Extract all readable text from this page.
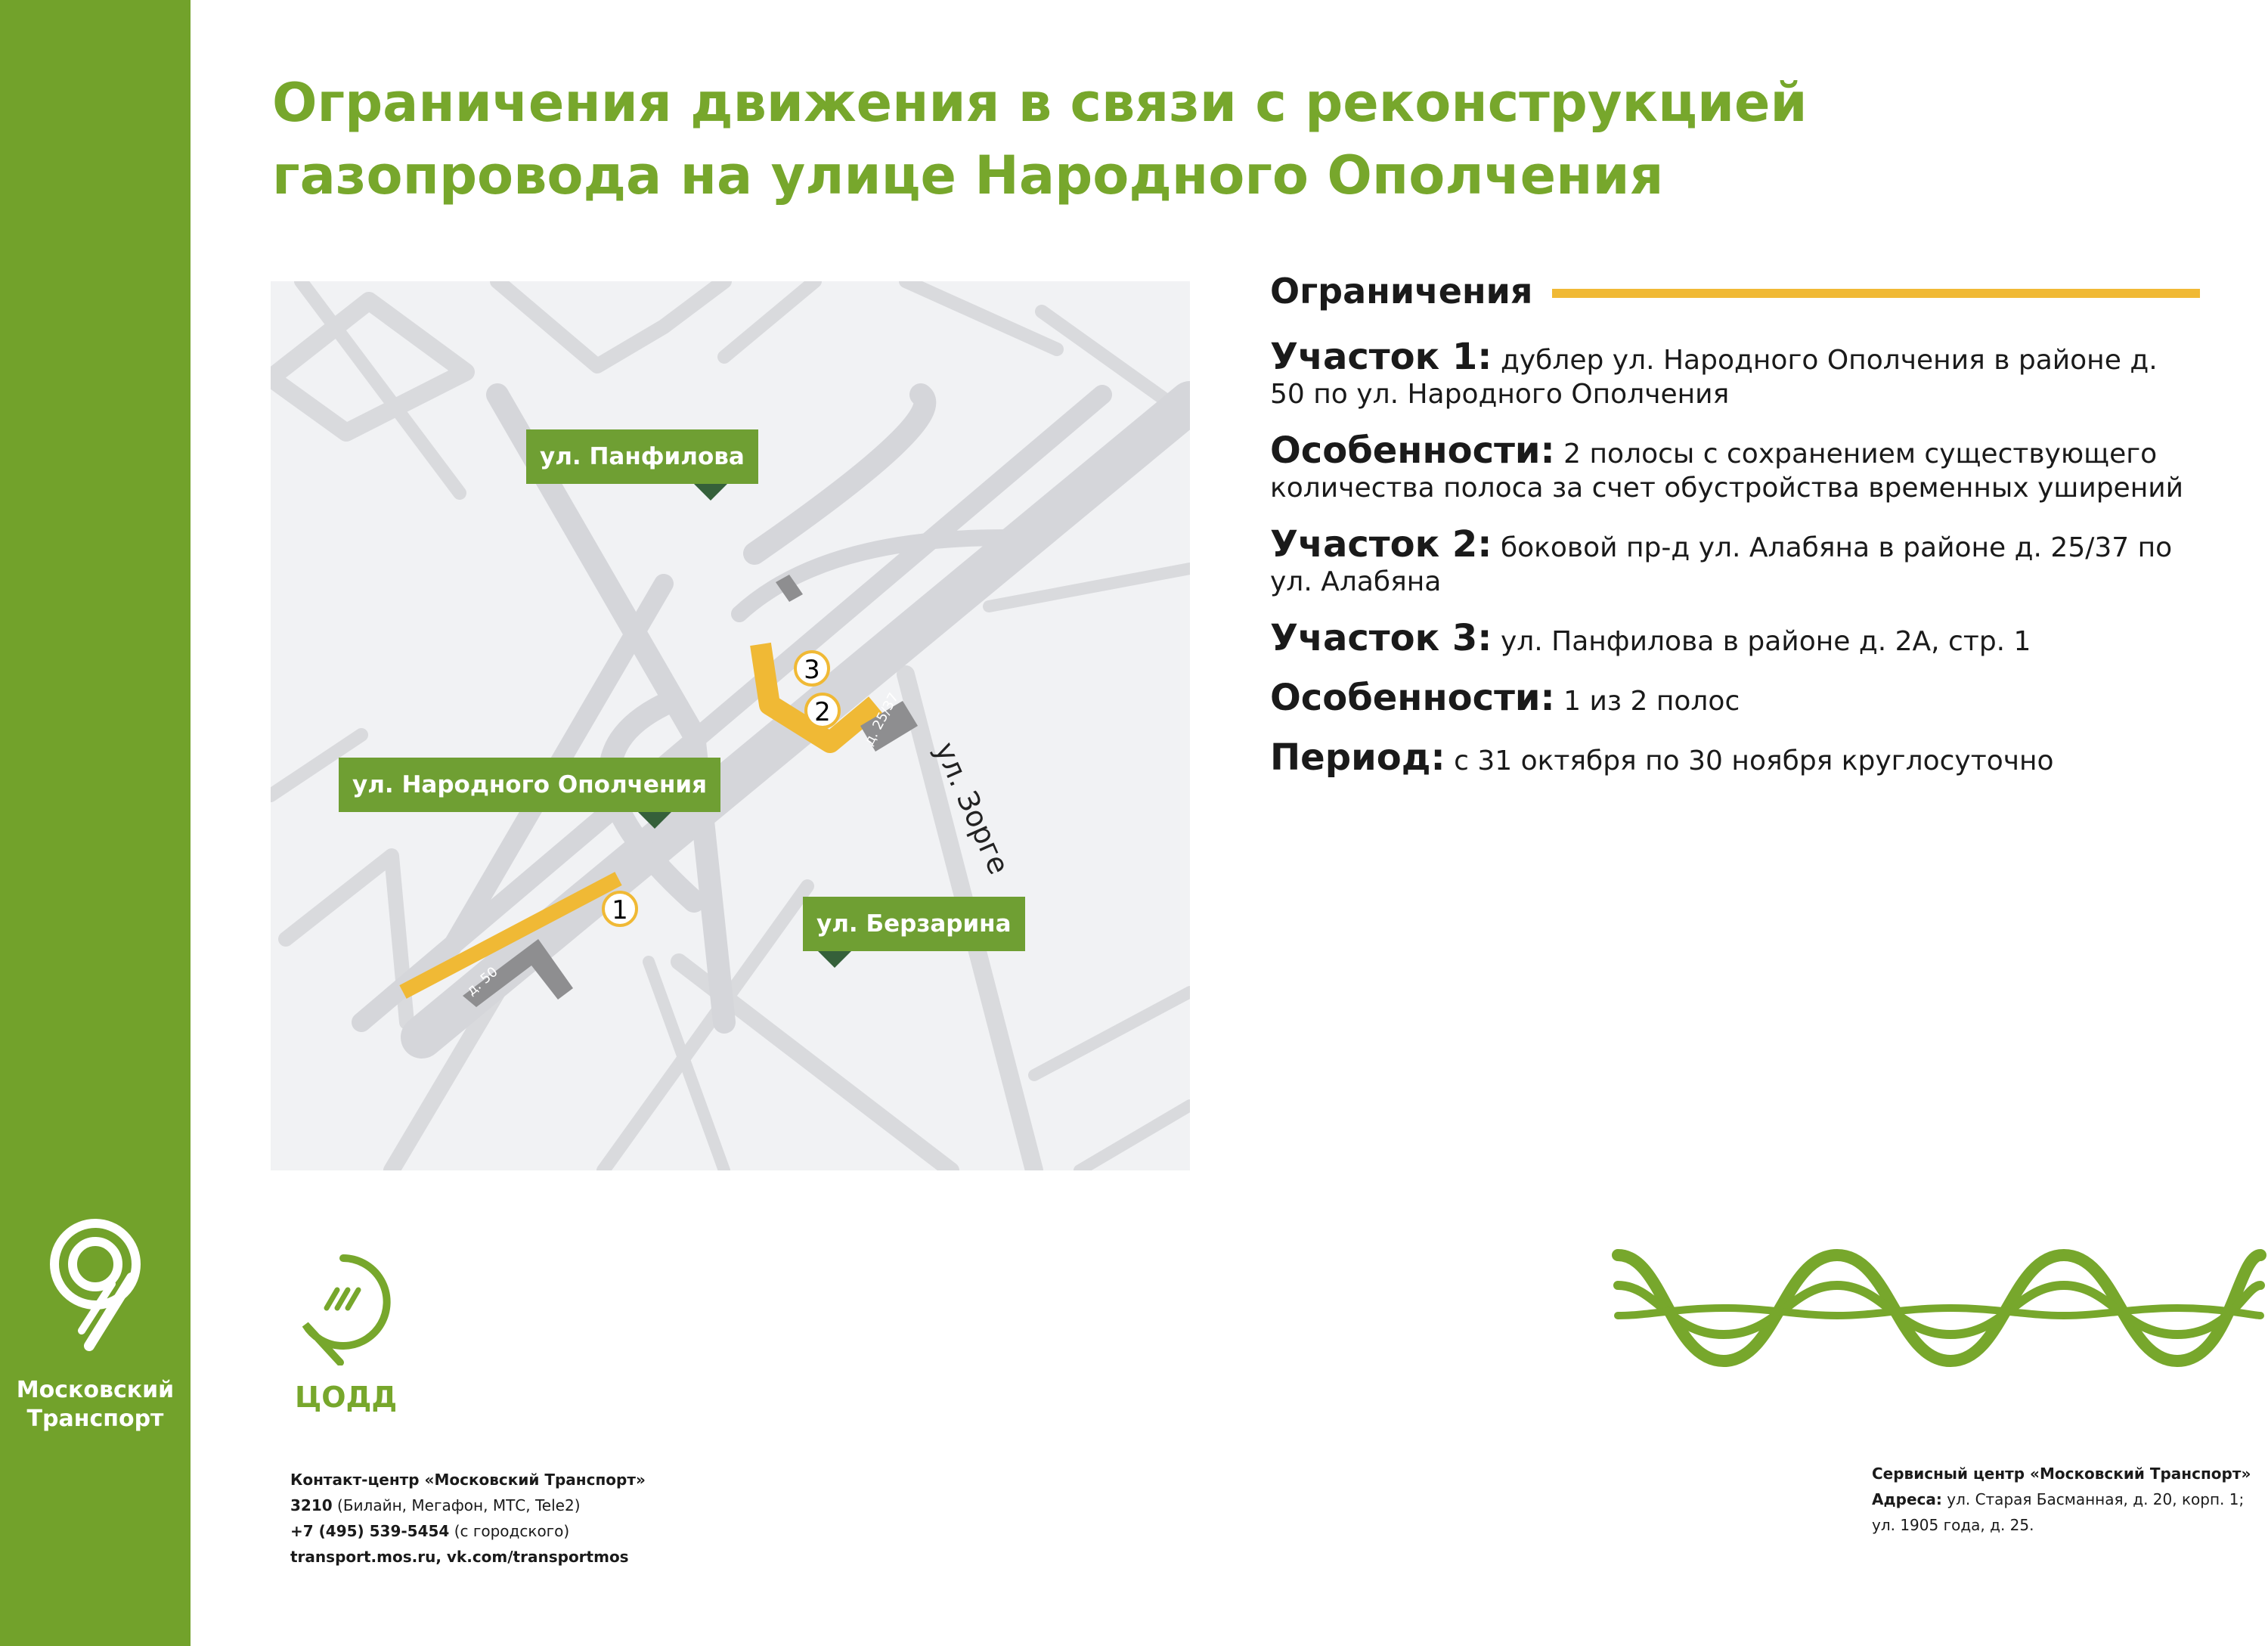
Московский
Транспорт
Ограничения движения в связи с реконструкцией
газопровода на улице Народного Ополчения
д. 50
д. 25/37
1
2
3
ул. Панфилова
ул. Народного Ополчения
ул. Берзарина
ул. Зорге
Ограничения
Участок 1: дублер ул. Народного Ополчения в районе д. 50 по ул. Народного Ополчения
Особенности: 2 полосы с сохранением существующего количества полоса за счет обустройства временных уширений
Участок 2: боковой пр-д ул. Алабяна в районе д. 25/37 по ул. Алабяна
Участок 3: ул. Панфилова в районе д. 2А, стр. 1
Особенности: 1 из 2 полос
Период: с 31 октября по 30 ноября круглосуточно
ЦОДД
Контакт-центр «Московский Транспорт»
3210 (Билайн, Мегафон, МТС, Tele2)
+7 (495) 539-5454 (с городского)
transport.mos.ru, vk.com/transportmos
Сервисный центр «Московский Транспорт»
Адреса: ул. Старая Басманная, д. 20, корп. 1;
ул. 1905 года, д. 25.
